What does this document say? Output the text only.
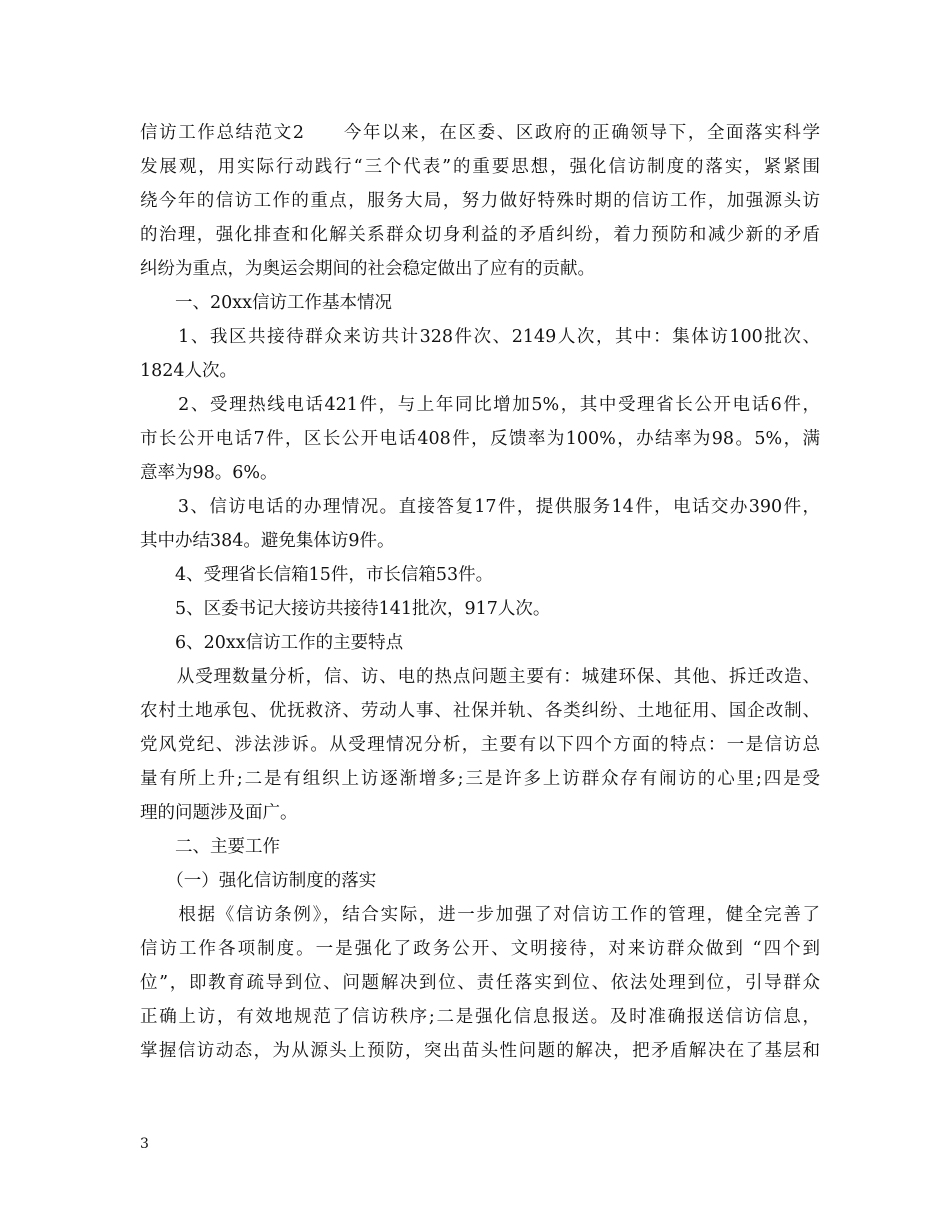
信访工作总结范文2　　今年以来，在区委、区政府的正确领导下，全面落实科学
发展观，用实际行动践行“三个代表”的重要思想，强化信访制度的落实，紧紧围
绕今年的信访工作的重点，服务大局，努力做好特殊时期的信访工作，加强源头访
的治理，强化排查和化解关系群众切身利益的矛盾纠纷，着力预防和减少新的矛盾
纠纷为重点，为奥运会期间的社会稳定做出了应有的贡献。
　　一、20xx信访工作基本情况
　　1、我区共接待群众来访共计328件次、2149人次，其中：集体访100批次、
1824人次。
　　2、受理热线电话421件，与上年同比增加5%，其中受理省长公开电话6件，
市长公开电话7件，区长公开电话408件，反馈率为100%，办结率为98。5%，满
意率为98。6%。
　　3、信访电话的办理情况。直接答复17件，提供服务14件，电话交办390件，
其中办结384。避免集体访9件。
　　4、受理省长信箱15件，市长信箱53件。
　　5、区委书记大接访共接待141批次，917人次。
　　6、20xx信访工作的主要特点
　　从受理数量分析，信、访、电的热点问题主要有：城建环保、其他、拆迁改造、
农村土地承包、优抚救济、劳动人事、社保并轨、各类纠纷、土地征用、国企改制、
党风党纪、涉法涉诉。从受理情况分析，主要有以下四个方面的特点：一是信访总
量有所上升;二是有组织上访逐渐增多;三是许多上访群众存有闹访的心里;四是受
理的问题涉及面广。
　　二、主要工作
　　（一）强化信访制度的落实
　　根据《信访条例》，结合实际，进一步加强了对信访工作的管理，健全完善了
信访工作各项制度。一是强化了政务公开、文明接待，对来访群众做到 “四个到
位”，即教育疏导到位、问题解决到位、责任落实到位、依法处理到位，引导群众
正确上访，有效地规范了信访秩序;二是强化信息报送。及时准确报送信访信息，
掌握信访动态，为从源头上预防，突出苗头性问题的解决，把矛盾解决在了基层和
3
